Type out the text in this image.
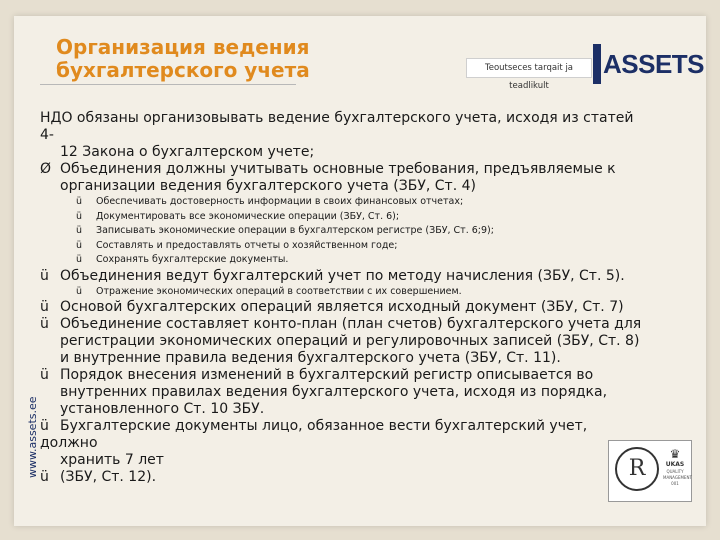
Организация ведения
бухгалтерского учета	Teoutseces tarqait ja teadlikult
ASSETS
www.assets.ee
НДО обязаны организовывать ведение бухгалтерского учета, исходя из статей 4-
12 Закона о бухгалтерском учете;
Ø Объединения должны учитывать основные требования, предъявляемые к
организации ведения бухгалтерского учета (ЗБУ, Ст. 4)
ü Обеспечивать достоверность информации в своих финансовых отчетах;
ü Документировать все экономические операции (ЗБУ, Ст. 6);
ü Записывать экономические операции в бухгалтерском регистре (ЗБУ, Ст. 6;9);
ü Составлять и предоставлять отчеты о хозяйственном годе;
ü Сохранять бухгалтерские документы.
ü Объединения ведут бухгалтерский учет по методу начисления (ЗБУ, Ст. 5).
ü Отражение экономических операций в соответствии с их совершением.
ü Основой бухгалтерских операций является исходный документ (ЗБУ, Ст. 7)
ü Объединение составляет конто-план (план счетов) бухгалтерского учета для
регистрации экономических операций и регулировочных записей (ЗБУ, Ст. 8)
и внутренние правила ведения бухгалтерского учета (ЗБУ, Ст. 11).
ü Порядок внесения изменений в бухгалтерский регистр описывается во
внутренних правилах ведения бухгалтерского учета, исходя из порядка,
установленного Ст. 10 ЗБУ.
ü Бухгалтерские документы лицо, обязанное вести бухгалтерский учет, должно
хранить 7 лет
ü (ЗБУ, Ст. 12).	R
♛
UKAS
QUALITY MANAGEMENT
001
